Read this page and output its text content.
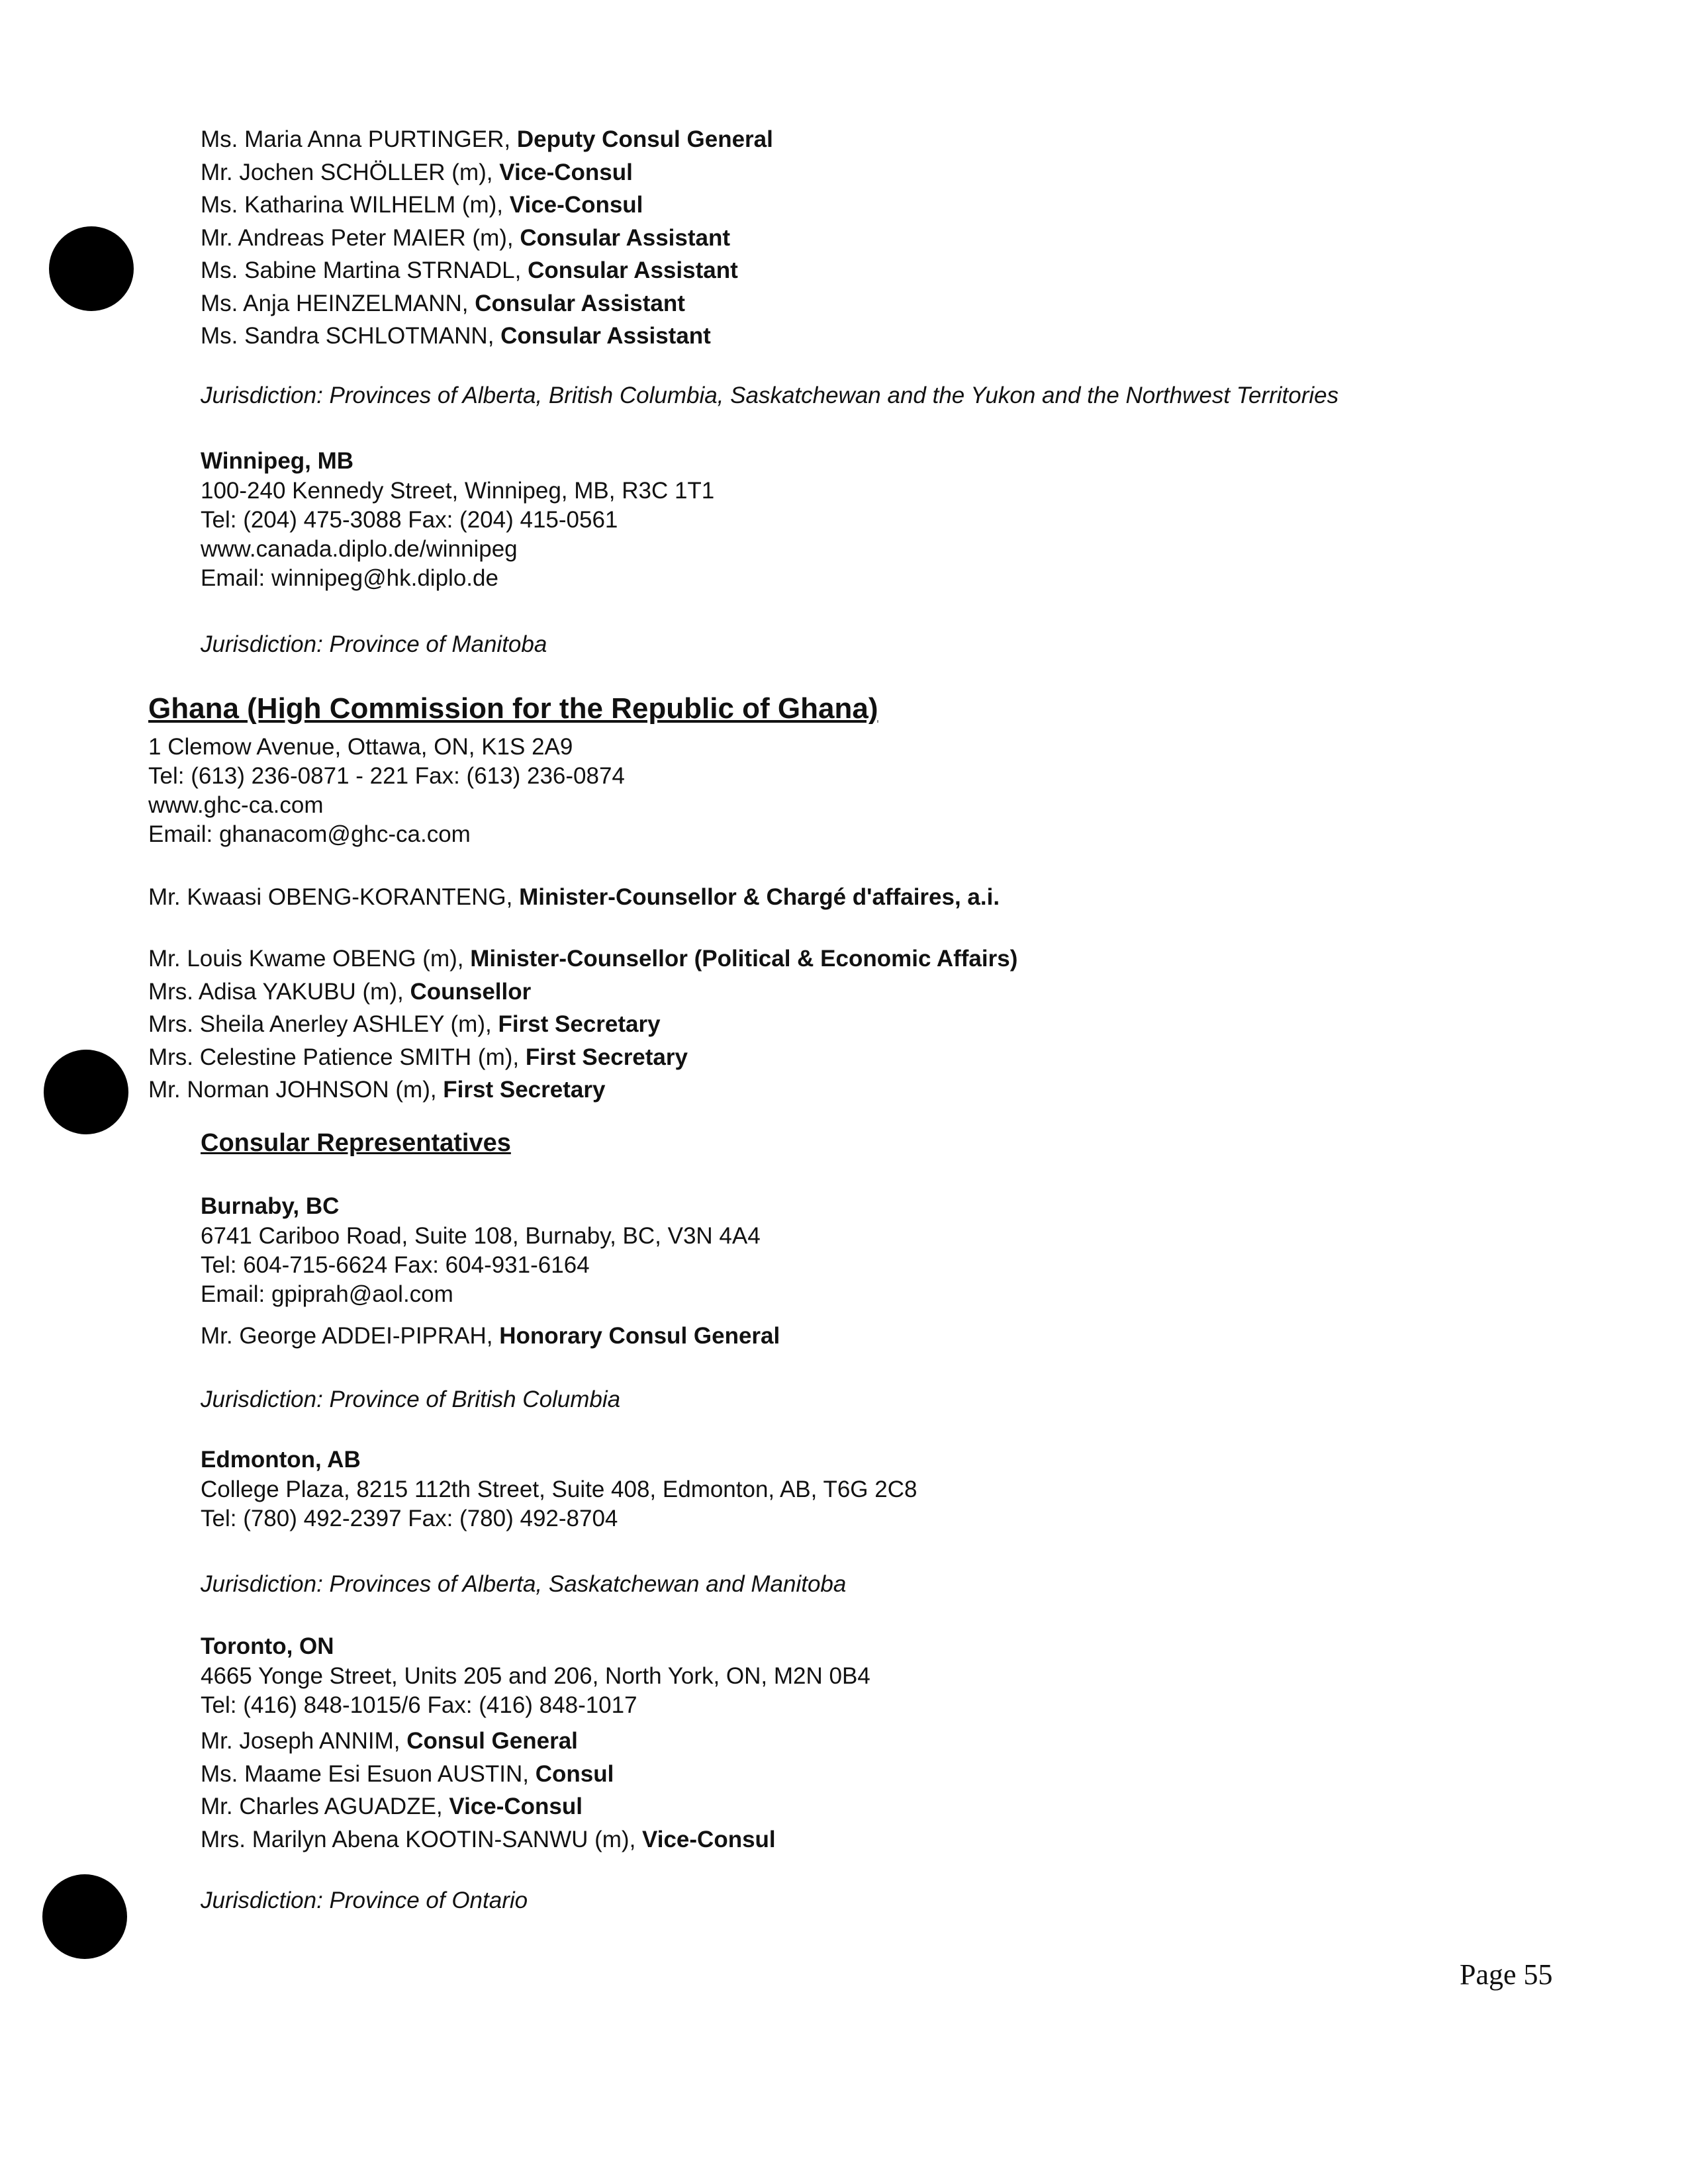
Ms. Maria Anna PURTINGER, Deputy Consul General
Mr. Jochen SCHÖLLER (m), Vice-Consul
Ms. Katharina WILHELM (m), Vice-Consul
Mr. Andreas Peter MAIER (m), Consular Assistant
Ms. Sabine Martina STRNADL, Consular Assistant
Ms. Anja HEINZELMANN, Consular Assistant
Ms. Sandra SCHLOTMANN, Consular Assistant
Jurisdiction: Provinces of Alberta, British Columbia, Saskatchewan and the Yukon and the Northwest Territories
Winnipeg, MB
100-240 Kennedy Street, Winnipeg, MB, R3C 1T1
Tel: (204) 475-3088 Fax: (204) 415-0561
www.canada.diplo.de/winnipeg
Email: winnipeg@hk.diplo.de
Jurisdiction: Province of Manitoba
Ghana (High Commission for the Republic of Ghana)
1 Clemow Avenue, Ottawa, ON, K1S 2A9
Tel: (613) 236-0871 - 221 Fax: (613) 236-0874
www.ghc-ca.com
Email: ghanacom@ghc-ca.com
Mr. Kwaasi OBENG-KORANTENG, Minister-Counsellor & Chargé d'affaires, a.i.
Mr. Louis Kwame OBENG (m), Minister-Counsellor (Political & Economic Affairs)
Mrs. Adisa YAKUBU (m), Counsellor
Mrs. Sheila Anerley ASHLEY (m), First Secretary
Mrs. Celestine Patience SMITH (m), First Secretary
Mr. Norman JOHNSON (m), First Secretary
Consular Representatives
Burnaby, BC
6741 Cariboo Road, Suite 108, Burnaby, BC, V3N 4A4
Tel: 604-715-6624 Fax: 604-931-6164
Email: gpiprah@aol.com
Mr. George ADDEI-PIPRAH, Honorary Consul General
Jurisdiction: Province of British Columbia
Edmonton, AB
College Plaza, 8215 112th Street, Suite 408, Edmonton, AB, T6G 2C8
Tel: (780) 492-2397 Fax: (780) 492-8704
Jurisdiction: Provinces of Alberta, Saskatchewan and Manitoba
Toronto, ON
4665 Yonge Street, Units 205 and 206, North York, ON, M2N 0B4
Tel: (416) 848-1015/6 Fax: (416) 848-1017
Mr. Joseph ANNIM, Consul General
Ms. Maame Esi Esuon AUSTIN, Consul
Mr. Charles AGUADZE, Vice-Consul
Mrs. Marilyn Abena KOOTIN-SANWU (m), Vice-Consul
Jurisdiction: Province of Ontario
Page 55
